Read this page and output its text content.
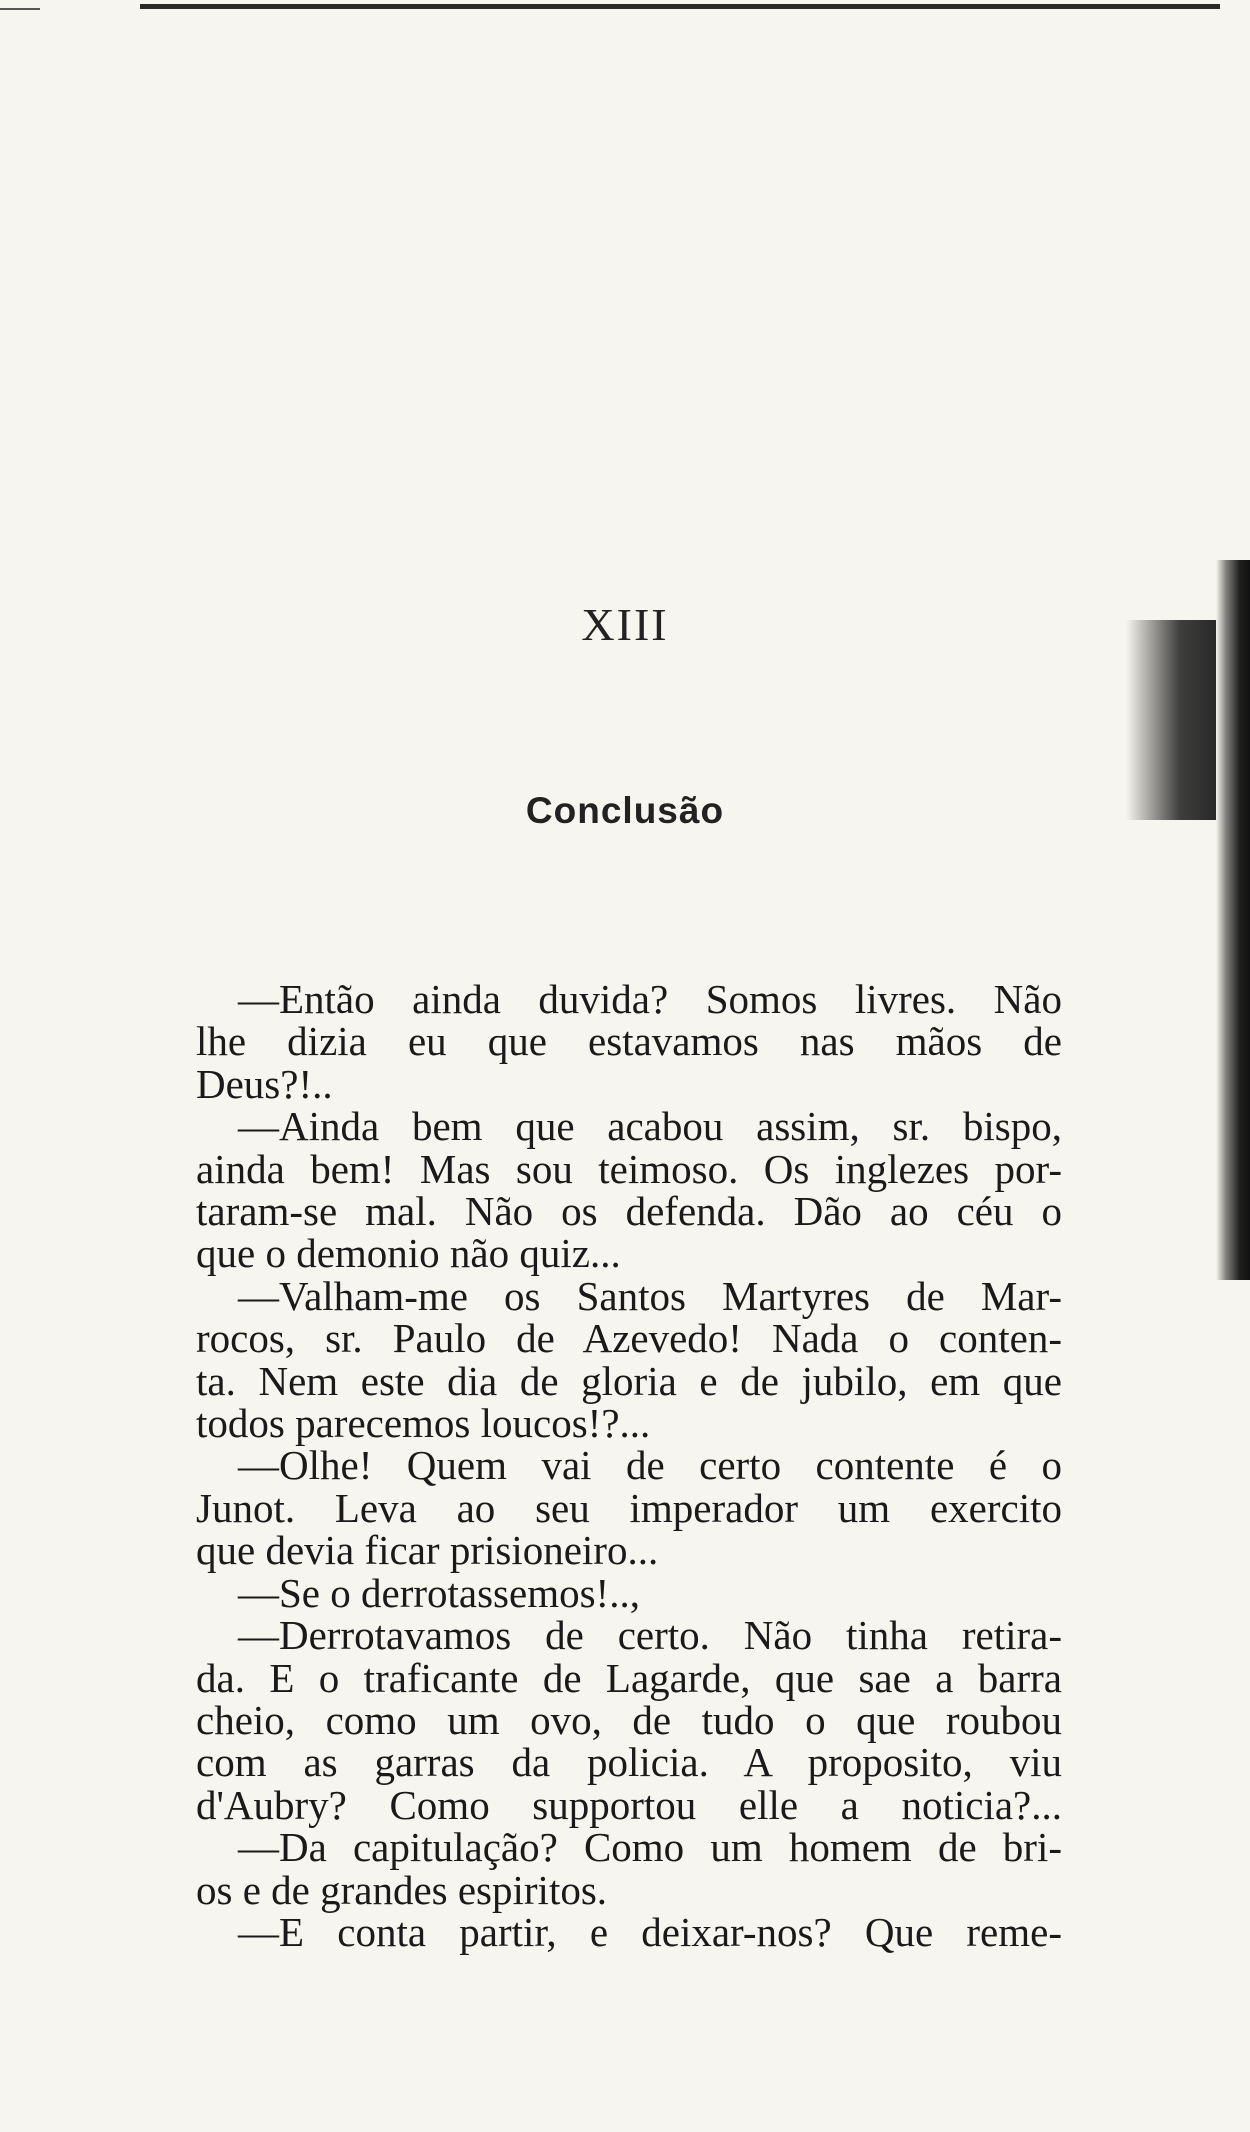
XIII
Conclusão
—Então ainda duvida? Somos livres. Não
lhe dizia eu que estavamos nas mãos de
Deus?!..
—Ainda bem que acabou assim, sr. bispo,
ainda bem! Mas sou teimoso. Os inglezes por-
taram-se mal. Não os defenda. Dão ao céu o
que o demonio não quiz...
—Valham-me os Santos Martyres de Mar-
rocos, sr. Paulo de Azevedo! Nada o conten-
ta. Nem este dia de gloria e de jubilo, em que
todos parecemos loucos!?...
—Olhe! Quem vai de certo contente é o
Junot. Leva ao seu imperador um exercito
que devia ficar prisioneiro...
—Se o derrotassemos!..,
—Derrotavamos de certo. Não tinha retira-
da. E o traficante de Lagarde, que sae a barra
cheio, como um ovo, de tudo o que roubou
com as garras da policia. A proposito, viu
d'Aubry? Como supportou elle a noticia?...
—Da capitulação? Como um homem de bri-
os e de grandes espiritos.
—E conta partir, e deixar-nos? Que reme-
